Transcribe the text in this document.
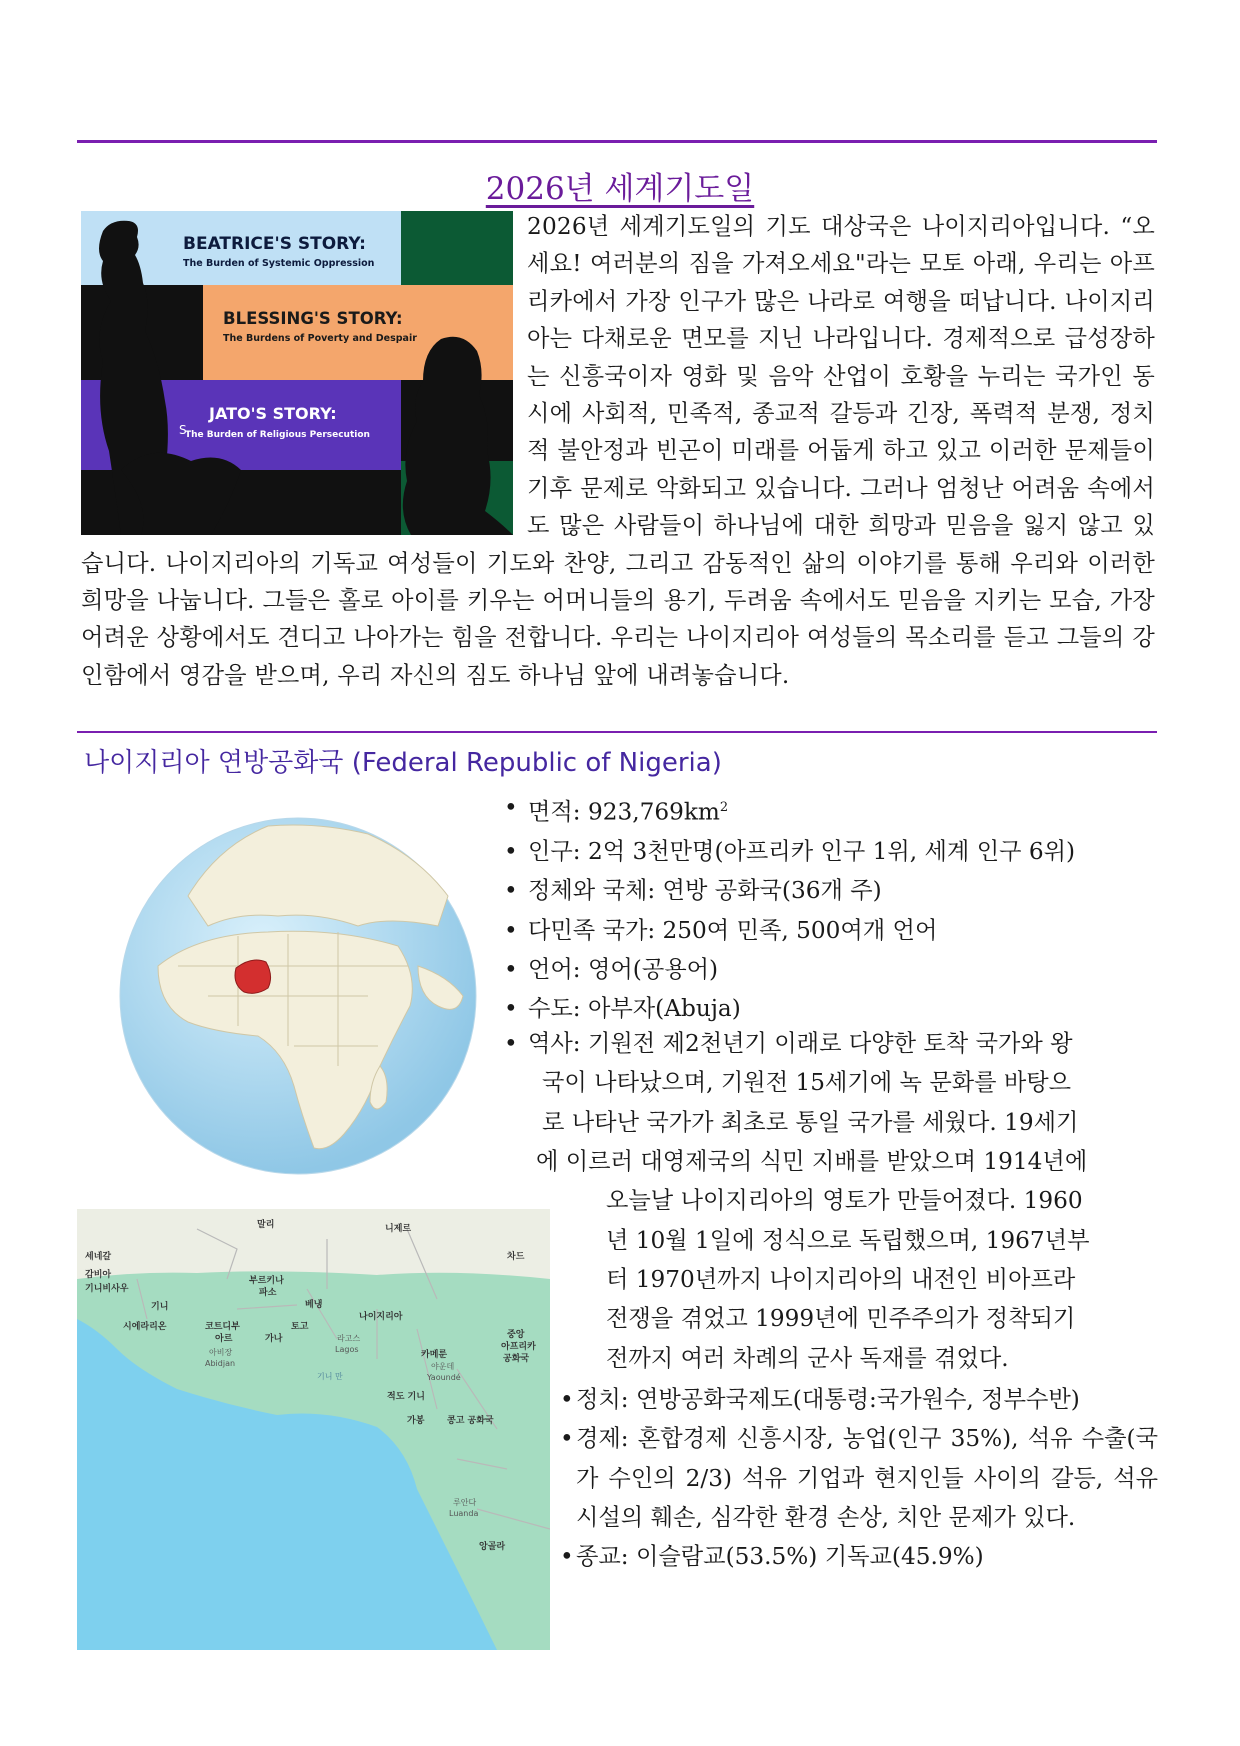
2026년 세계기도일

2026년 세계기도일의 기도 대상국은 나이지리아입니다. “오세요! 여러분의 짐을 가져오세요"라는 모토 아래, 우리는 아프리카에서 가장 인구가 많은 나라로 여행을 떠납니다. 나이지리아는 다채로운 면모를 지닌 나라입니다. 경제적으로 급성장하는 신흥국이자 영화 및 음악 산업이 호황을 누리는 국가인 동시에 사회적, 민족적, 종교적 갈등과 긴장, 폭력적 분쟁, 정치적 불안정과 빈곤이 미래를 어둡게 하고 있고 이러한 문제들이 기후 문제로 악화되고 있습니다. 그러나 엄청난 어려움 속에서도 많은 사람들이 하나님에 대한 희망과 믿음을 잃지 않고 있습니다. 나이지리아의 기독교 여성들이 기도와 찬양, 그리고 감동적인 삶의 이야기를 통해 우리와 이러한 희망을 나눕니다. 그들은 홀로 아이를 키우는 어머니들의 용기, 두려움 속에서도 믿음을 지키는 모습, 가장 어려운 상황에서도 견디고 나아가는 힘을 전합니다. 우리는 나이지리아 여성들의 목소리를 듣고 그들의 강인함에서 영감을 받으며, 우리 자신의 짐도 하나님 앞에 내려놓습니다.

BEATRICE'S STORY:
The Burden of Systemic Oppression
BLESSING'S STORY:
The Burdens of Poverty and Despair
S
JATO'S STORY:
The Burden of Religious Persecution
나이지리아 연방공화국 (Federal Republic of Nigeria)
말리	니제르
세네갈	차드
감비아
기니비사우
부르키나
파소
기니	베냉
나이지리아
시에라리온	코트디부
아르
토고
가나	중앙
아프리카
공화국
아비장
Abidjan
라고스
Lagos
카메룬
야운데
Yaoundé
기니 만
적도 기니
가봉	콩고 공화국
루안다
Luanda
앙골라
• 면적: $923,769km^2$
• 인구: 2억 3천만명(아프리카 인구 1위, 세계 인구 6위)
• 정체와 국체: 연방 공화국(36개 주)
• 다민족 국가: 250여 민족, 500여개 언어
• 언어: 영어(공용어)
• 수도: 아부자(Abuja)
• 역사: 기원전 제2천년기 이래로 다양한 토착 국가와 왕
국이 나타났으며, 기원전 15세기에 녹 문화를 바탕으
로 나타난 국가가 최초로 통일 국가를 세웠다. 19세기
에 이르러 대영제국의 식민 지배를 받았으며 1914년에
오늘날 나이지리아의 영토가 만들어졌다. 1960
년 10월 1일에 정식으로 독립했으며, 1967년부
터 1970년까지 나이지리아의 내전인 비아프라
전쟁을 겪었고 1999년에 민주주의가 정착되기
전까지 여러 차례의 군사 독재를 겪었다.
• 정치: 연방공화국제도(대통령:국가원수, 정부수반)
• 경제: 혼합경제 신흥시장, 농업(인구 35%), 석유 수출(국가 수인의 2/3) 석유 기업과 현지인들 사이의 갈등, 석유 시설의 훼손, 심각한 환경 손상, 치안 문제가 있다.
• 종교: 이슬람교(53.5%) 기독교(45.9%)
